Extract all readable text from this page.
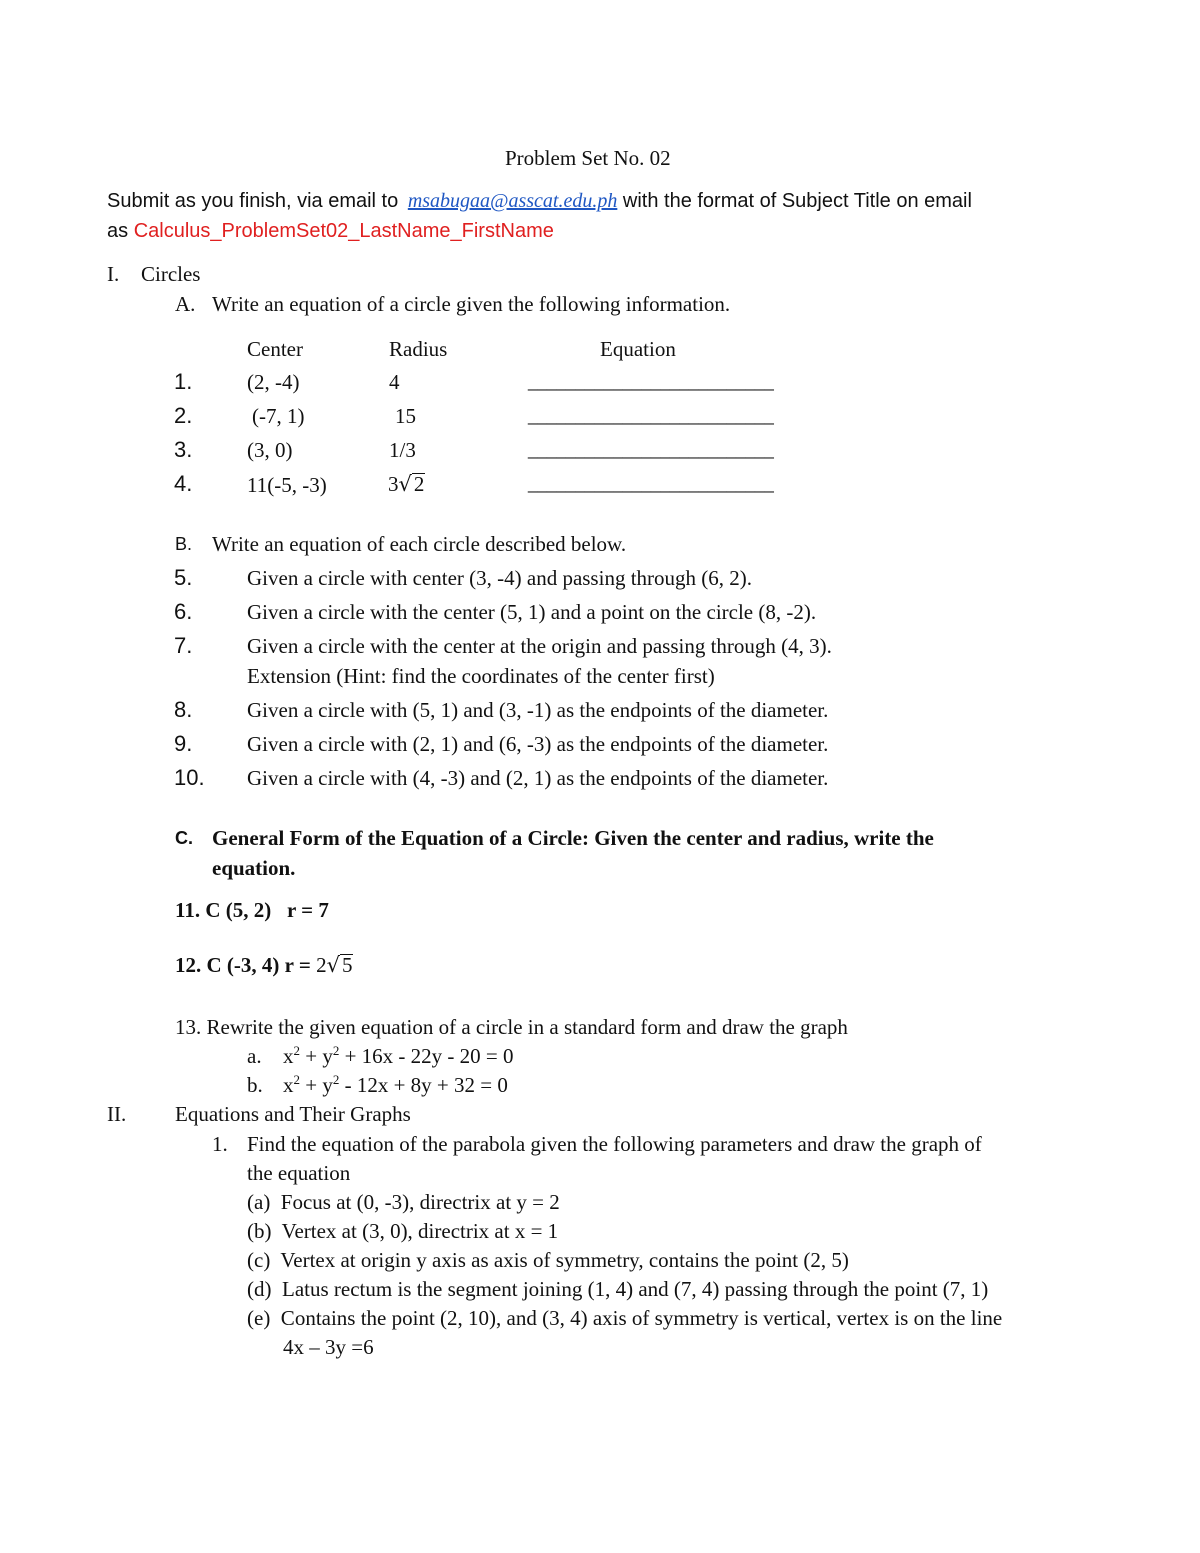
Problem Set No. 02
Submit as you finish, via email to msabugaa@asscat.edu.ph with the format of Subject Title on email
as Calculus_ProblemSet02_LastName_FirstName
I. Circles
A. Write an equation of a circle given the following information.
Center	Radius	Equation
1.	(2, -4)	4	__________________________
2.	(-7, 1)	15	__________________________
3.	(3, 0)	1/3	__________________________
4.	11(-5, -3)	3√2	__________________________
B. Write an equation of each circle described below.
5.	Given a circle with center (3, -4) and passing through (6, 2).
6.	Given a circle with the center (5, 1) and a point on the circle (8, -2).
7.	Given a circle with the center at the origin and passing through (4, 3).
Extension (Hint: find the coordinates of the center first)
8.	Given a circle with (5, 1) and (3, -1) as the endpoints of the diameter.
9.	Given a circle with (2, 1) and (6, -3) as the endpoints of the diameter.
10. Given a circle with (4, -3) and (2, 1) as the endpoints of the diameter.
C. General Form of the Equation of a Circle: Given the center and radius, write the
equation.
11. C (5, 2)   r = 7
12. C (-3, 4) r = 2√5
13. Rewrite the given equation of a circle in a standard form and draw the graph
a. $x^2 + y^2 + 16x - 22y - 20 = 0$
b. $x^2 + y^2 - 12x + 8y + 32 = 0$
II. Equations and Their Graphs
1. Find the equation of the parabola given the following parameters and draw the graph of
the equation
(a)  Focus at (0, -3), directrix at y = 2
(b)  Vertex at (3, 0), directrix at x = 1
(c)  Vertex at origin y axis as axis of symmetry, contains the point (2, 5)
(d)  Latus rectum is the segment joining (1, 4) and (7, 4) passing through the point (7, 1)
(e)  Contains the point (2, 10), and (3, 4) axis of symmetry is vertical, vertex is on the line
4x – 3y =6
